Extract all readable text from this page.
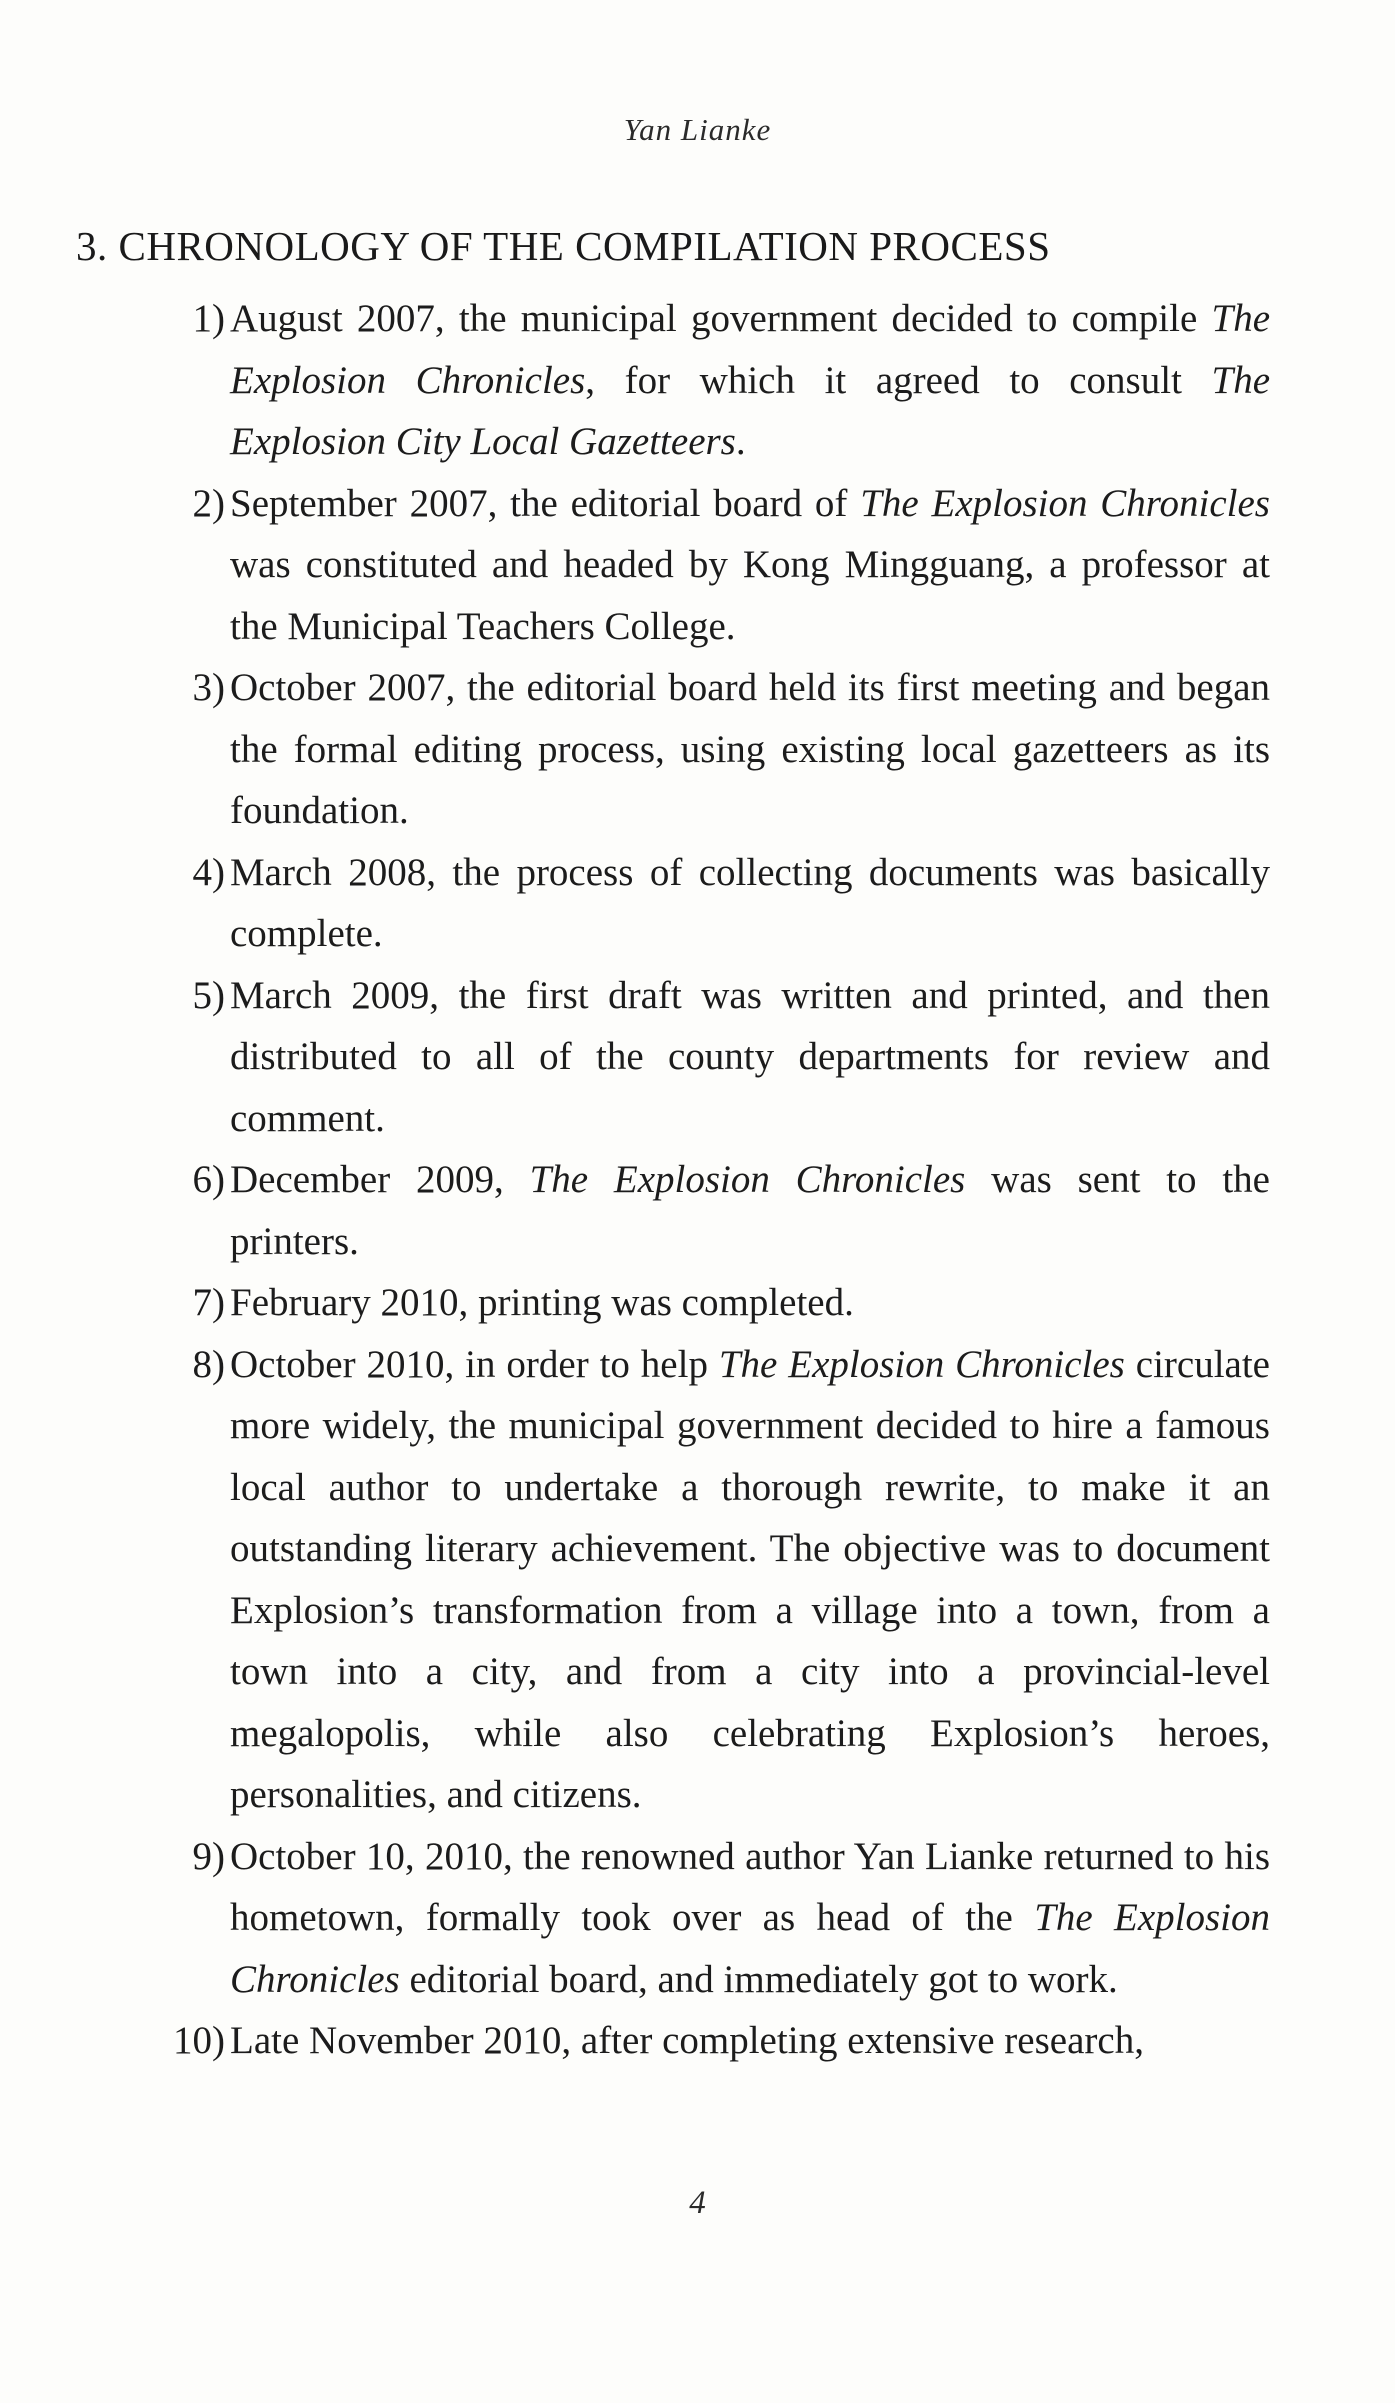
Yan Lianke
3. CHRONOLOGY OF THE COMPILATION PROCESS
1) August 2007, the municipal government decided to compile The Explosion Chronicles, for which it agreed to consult The Explosion City Local Gazetteers.
2) September 2007, the editorial board of The Explosion Chronicles was constituted and headed by Kong Mingguang, a professor at the Municipal Teachers College.
3) October 2007, the editorial board held its first meeting and began the formal editing process, using existing local gazetteers as its foundation.
4) March 2008, the process of collecting documents was basically complete.
5) March 2009, the first draft was written and printed, and then distributed to all of the county departments for review and comment.
6) December 2009, The Explosion Chronicles was sent to the printers.
7) February 2010, printing was completed.
8) October 2010, in order to help The Explosion Chronicles circulate more widely, the municipal government decided to hire a famous local author to undertake a thorough rewrite, to make it an outstanding literary achievement. The objective was to document Explosion’s transformation from a village into a town, from a town into a city, and from a city into a provincial-level megalopolis, while also celebrating Explosion’s heroes, personalities, and citizens.
9) October 10, 2010, the renowned author Yan Lianke returned to his hometown, formally took over as head of the The Explosion Chronicles editorial board, and immediately got to work.
10) Late November 2010, after completing extensive research,
4
